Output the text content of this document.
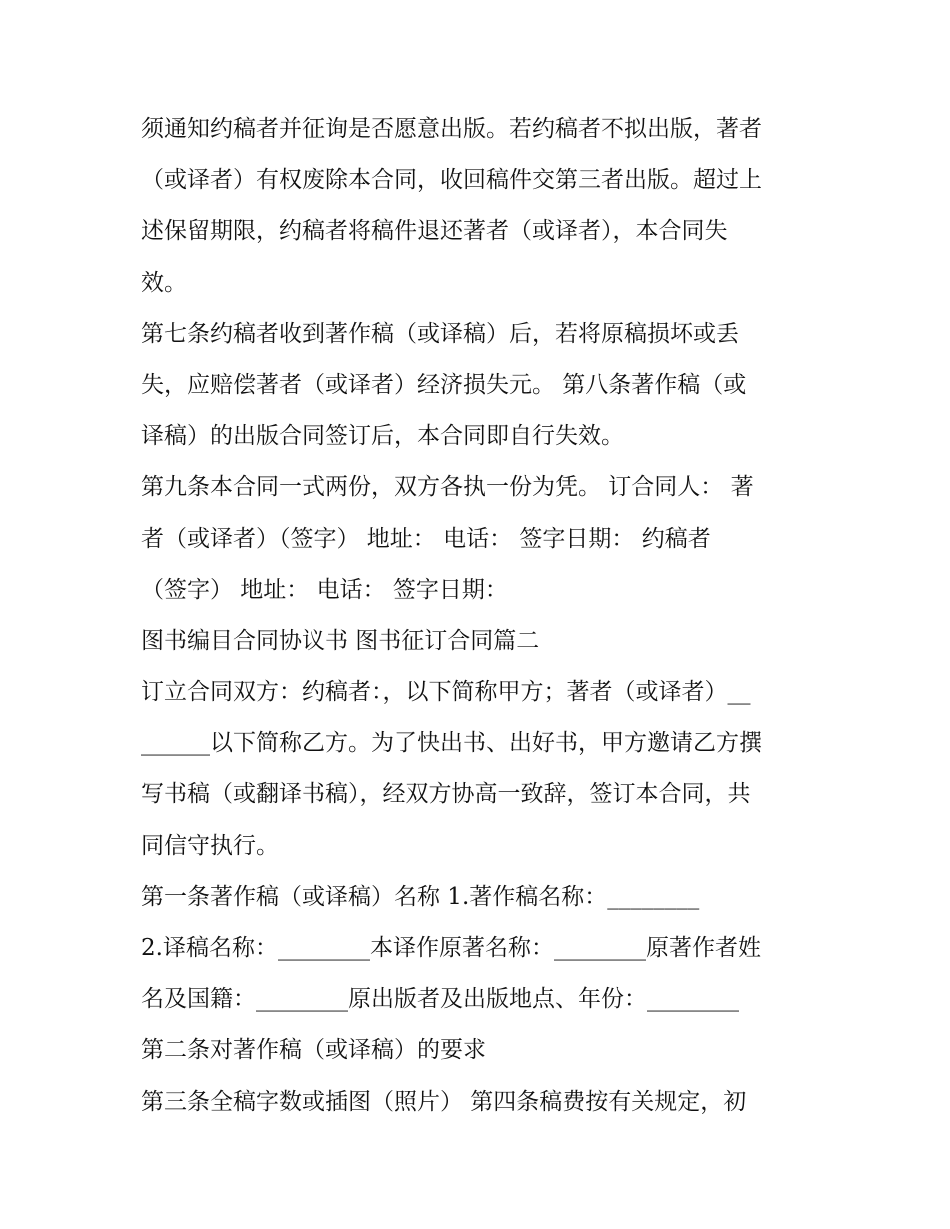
须通知约稿者并征询是否愿意出版。若约稿者不拟出版，著者
（或译者）有权废除本合同，收回稿件交第三者出版。超过上
述保留期限，约稿者将稿件退还著者（或译者），本合同失
效。
第七条约稿者收到著作稿（或译稿）后，若将原稿损坏或丢
失，应赔偿著者（或译者）经济损失元。 第八条著作稿（或
译稿）的出版合同签订后，本合同即自行失效。
第九条本合同一式两份，双方各执一份为凭。 订合同人： 著
者（或译者）（签字） 地址： 电话： 签字日期： 约稿者
（签字） 地址： 电话： 签字日期：
图书编目合同协议书 图书征订合同篇二
订立合同双方：约稿者：，以下简称甲方；著者（或译者）__
______以下简称乙方。为了快出书、出好书，甲方邀请乙方撰
写书稿（或翻译书稿），经双方协高一致辞，签订本合同，共
同信守执行。
第一条著作稿（或译稿）名称 1.著作稿名称：________
2.译稿名称：________本译作原著名称：________原著作者姓
名及国籍：________原出版者及出版地点、年份：________
第二条对著作稿（或译稿）的要求
第三条全稿字数或插图（照片） 第四条稿费按有关规定，初
